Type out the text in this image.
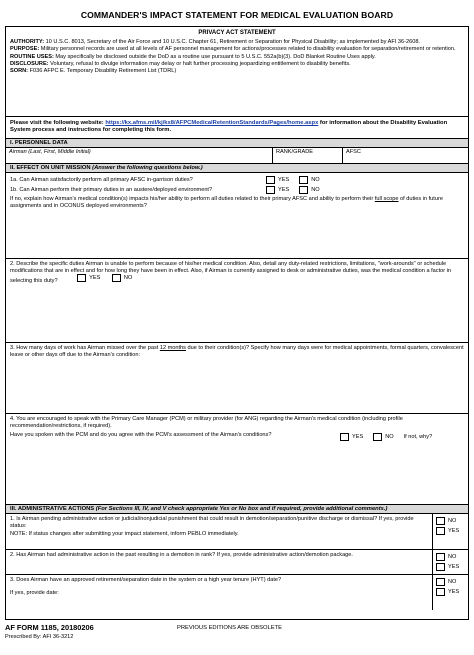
COMMANDER'S IMPACT STATEMENT FOR MEDICAL EVALUATION BOARD
PRIVACY ACT STATEMENT

AUTHORITY: 10 U.S.C. 8013, Secretary of the Air Force and 10 U.S.C. Chapter 61, Retirement or Separation for Physical Disability; as implemented by AFI 36-2608.

PURPOSE: Military personnel records are used at all levels of AF personnel management for actions/processes related to disability evaluation for separation/retirement or retention.

ROUTINE USES: May specifically be disclosed outside the DoD as a routine use pursuant to 5 U.S.C. 552a(b)(3). DoD Blanket Routine Uses apply.

DISCLOSURE: Voluntary, refusal to divulge information may delay or halt further processing jeopardizing entitlement to disability benefits.

SORN: F036 AFPC E. Temporary Disability Retirement List (TDRL)

Please visit the following website: https://kx.afms.mil/kj/kx8/AFPCMedicalRetentionStandards/Pages/home.aspx for information about the Disability Evaluation System process and instructions for completing this form.
I. PERSONNEL DATA
Airman (Last, First, Middle Initial)	RANK/GRADE	AFSC
II. EFFECT ON UNIT MISSION (Answer the following questions below.)
1a. Can Airman satisfactorily perform all primary AFSC in-garrison duties?	YES	NO
1b. Can Airman perform their primary duties in an austere/deployed environment?	YES	NO
If no, explain how Airman's medical condition(s) impacts his/her ability to perform all duties related to their primary AFSC and ability to perform their full scope of duties in future assignments and in OCONUS deployed environments?
2. Describe the specific duties Airman is unable to perform because of his/her medical condition. Also, detail any duty-related restrictions, limitations, "work-arounds" or schedule modifications that are in effect and for how long they have been in effect. Also, if Airman is currently assigned to desk or administrative duties, was the medical condition a factor in selecting this duty?
YES
	NO
3. How many days of work has Airman missed over the past 12 months due to their condition(s)? Specify how many days were for medical appointments, formal quarters, convalescent leave or other days off due to the Airman's condition:
4. You are encouraged to speak with the Primary Care Manager (PCM) or military provider (for ANG) regarding the Airman's medical condition (including profile recommendation/restrictions, if required).
Have you spoken with the PCM and do you agree with the PCM's assessment of the Airman's conditions?	YES	NO If not, why?
III. ADMINISTRATIVE ACTIONS (For Sections III, IV, and V check appropriate Yes or No box and if required, provide additional comments.)
1. Is Airman pending administrative action or judicial/nonjudicial punishment that could result in demotion/separation/punitive discharge or dismissal? If yes, provide status:
NOTE: If status changes after submitting your impact statement, inform PEBLO immediately.
NO
YES
2. Has Airman had administrative action in the past resulting in a demotion in rank? If yes, provide administrative action/demotion package.	NO
YES
3. Does Airman have an approved retirement/separation date in the system or a high year tenure (HYT) date?
If yes, provide date:
NO
YES
AF FORM 1185, 20180206	PREVIOUS EDITIONS ARE OBSOLETE
Prescribed By: AFI 36-3212
